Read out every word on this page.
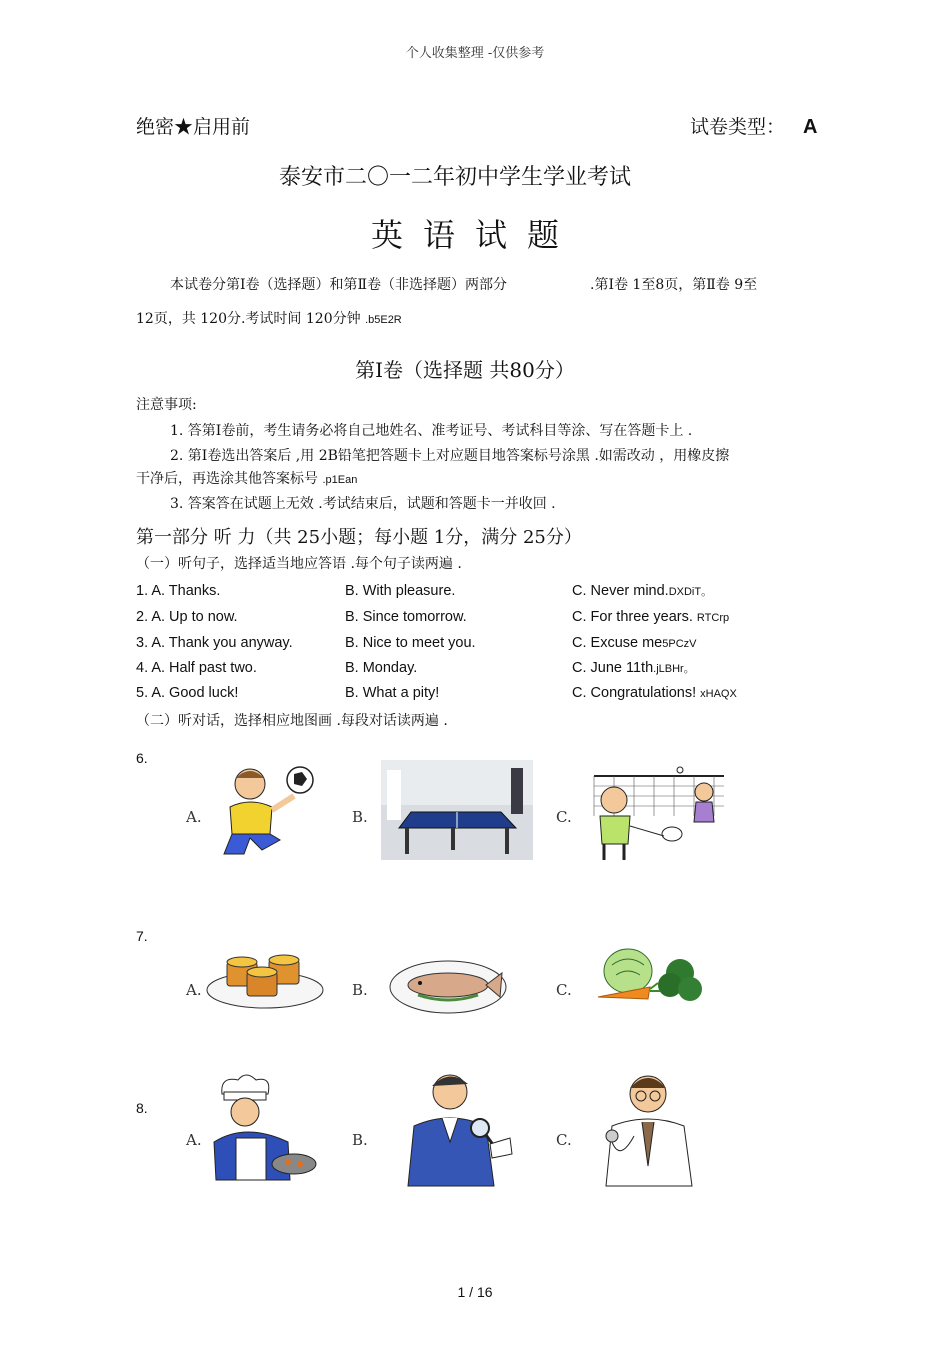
个人收集整理 -仅供参考
绝密★启用前	试卷类型： A
泰安市二〇一二年初中学生学业考试
英语试题
本试卷分第Ⅰ卷（选择题）和第Ⅱ卷（非选择题）两部分	.第Ⅰ卷 1至8页，第Ⅱ卷 9至
12页，共 120分.考试时间 120分钟 .b5E2R
第Ⅰ卷（选择题 共80分）
注意事项:
1. 答第Ⅰ卷前，考生请务必将自己地姓名、准考证号、考试科目等涂、写在答题卡上 .
2. 第Ⅰ卷选出答案后 ,用 2B铅笔把答题卡上对应题目地答案标号涂黑 .如需改动 ，用橡皮擦
干净后，再选涂其他答案标号 .p1Ean
3. 答案答在试题上无效 .考试结束后，试题和答题卡一并收回 .
第一部分 听 力（共 25小题；每小题 1分，满分 25分）
（一）听句子，选择适当地应答语 .每个句子读两遍 .
1. A. Thanks.	B. With pleasure.	C. Never mind.DXDiT。
2. A. Up to now.	B. Since tomorrow.	C. For three years. RTCrp
3. A. Thank you anyway.	B. Nice to meet you.	C. Excuse me5PCzV
4. A. Half past two.	B. Monday.	C. June 11th.jLBHr。
5. A. Good luck!	B. What a pity!	C. Congratulations! xHAQX
（二）听对话，选择相应地图画 .每段对话读两遍 .
6.
A.	B.	C.
7.
A.	B.	C.
8.
A.	B.	C.
1 / 16
